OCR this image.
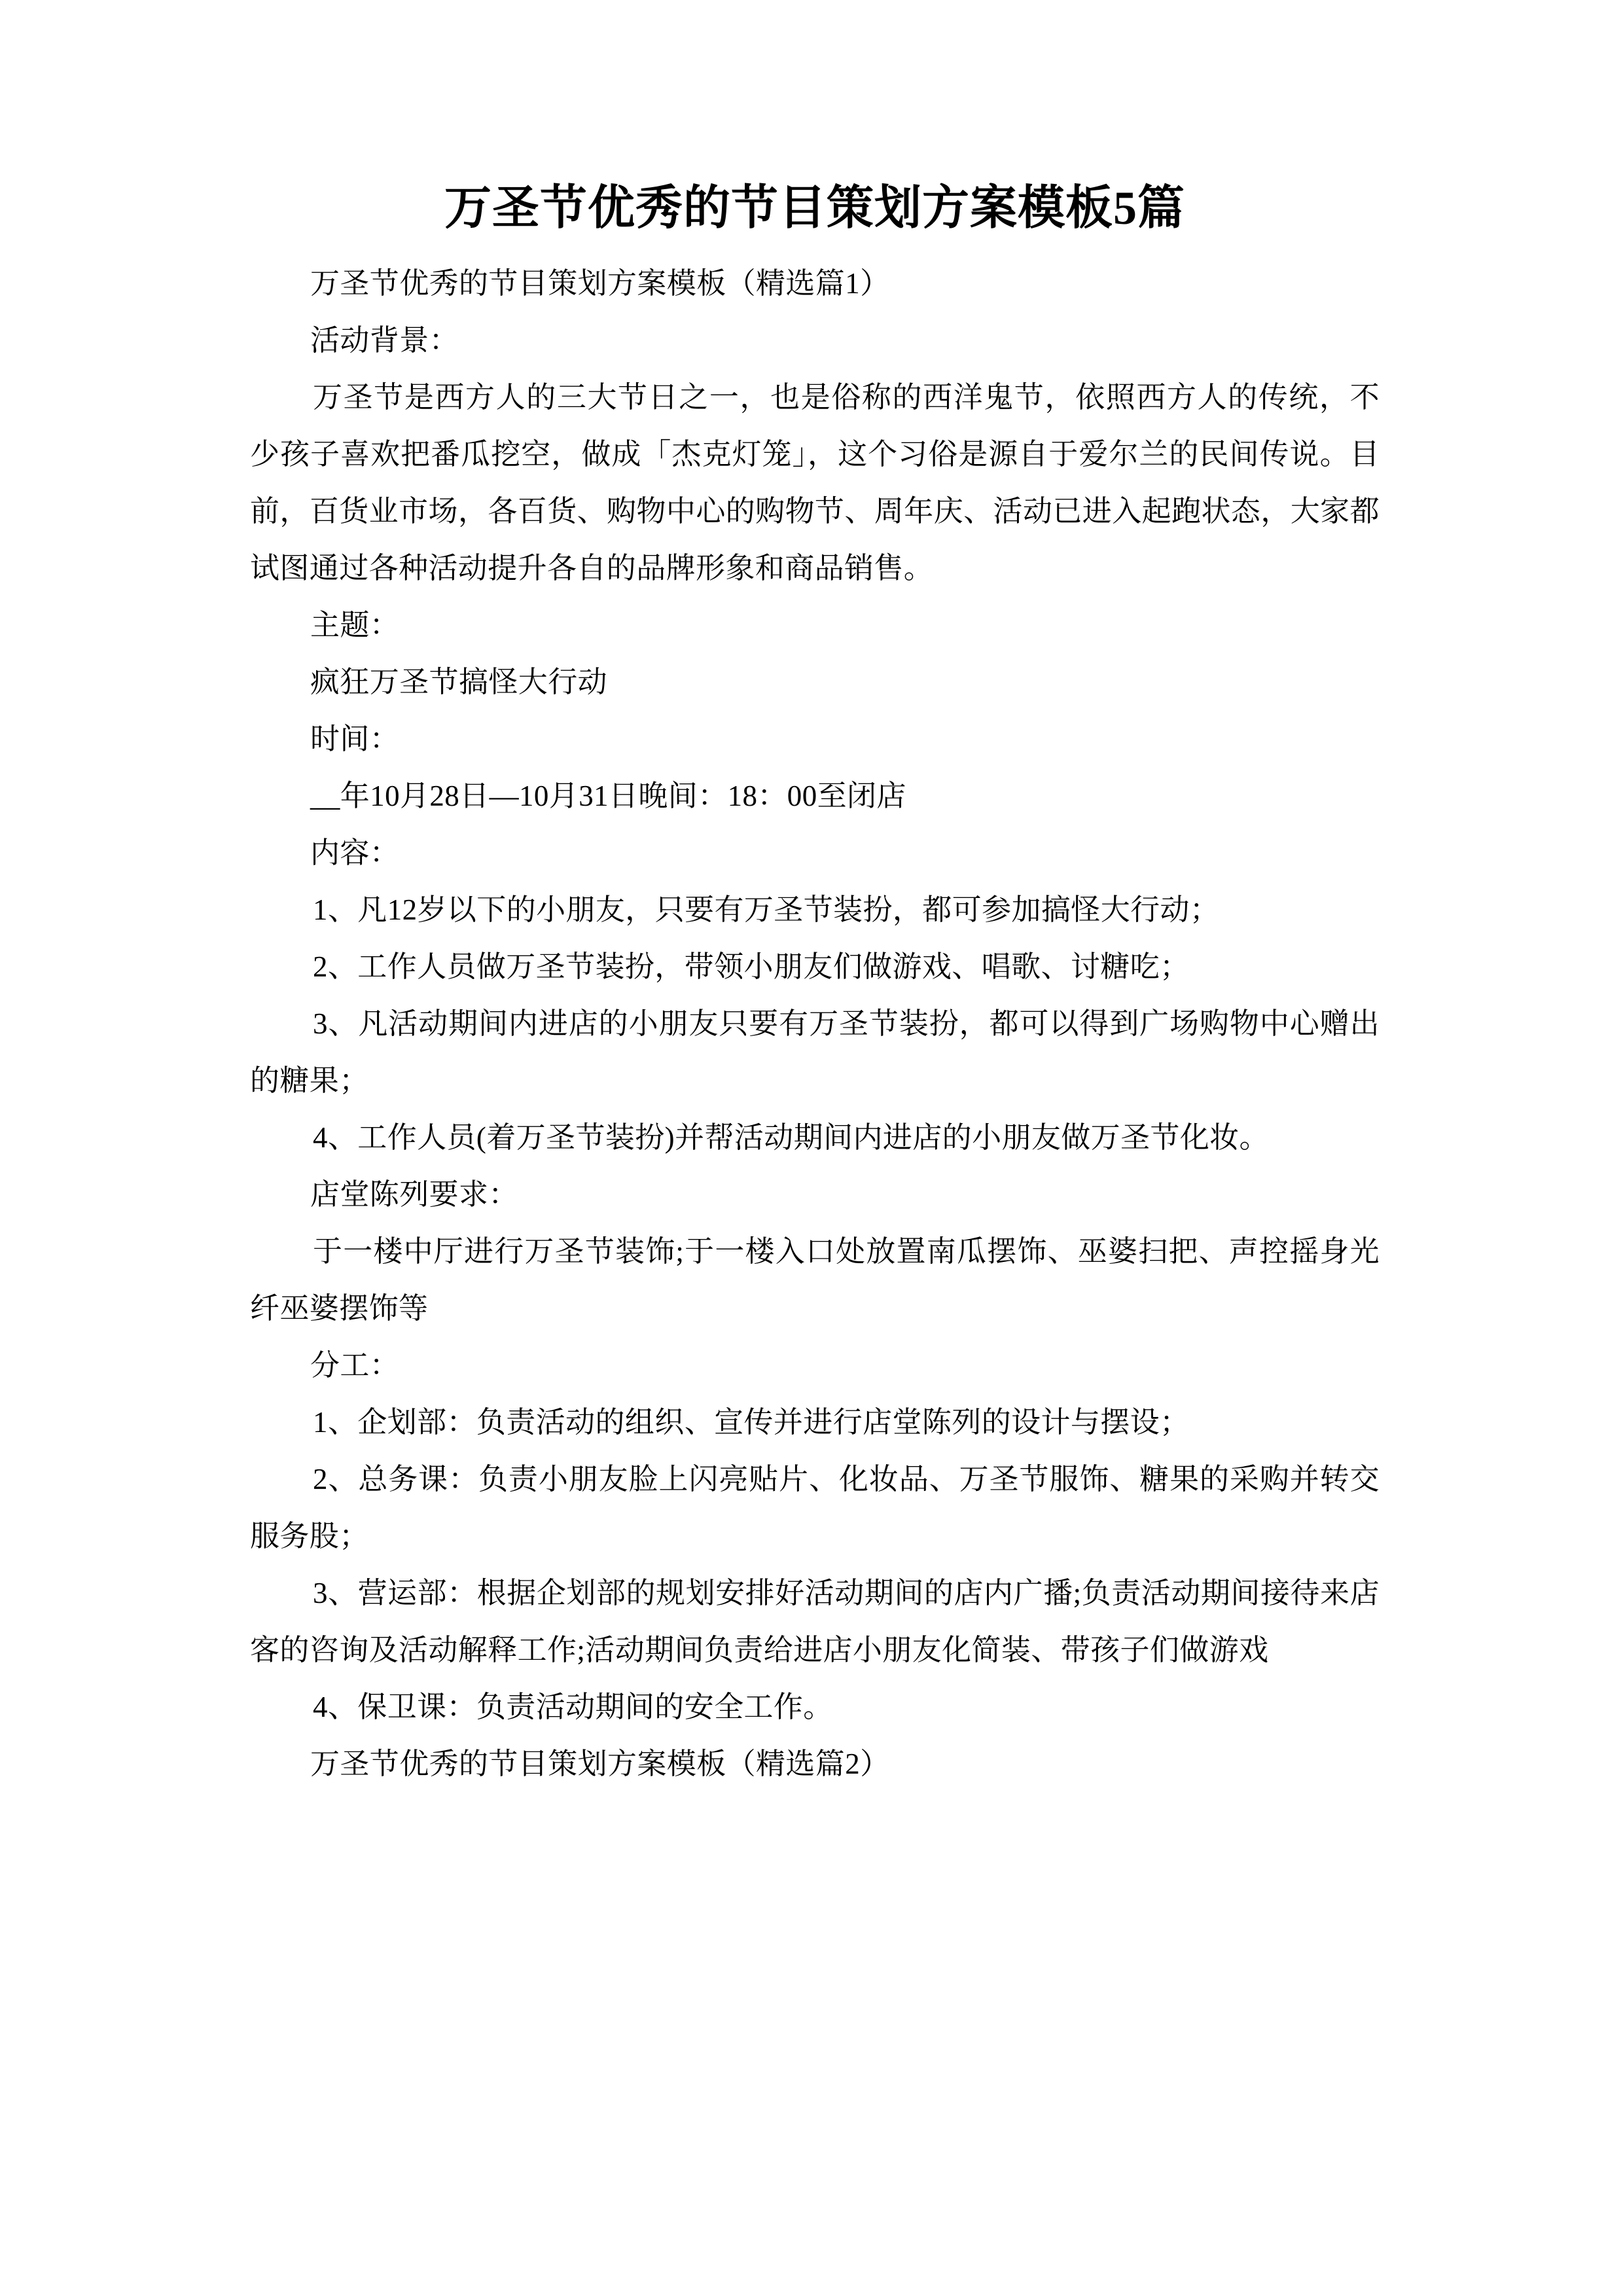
万圣节优秀的节目策划方案模板5篇

万圣节优秀的节目策划方案模板（精选篇1）

活动背景：

万圣节是西方人的三大节日之一，也是俗称的西洋鬼节，依照西方人的传统，不少孩子喜欢把番瓜挖空，做成「杰克灯笼」，这个习俗是源自于爱尔兰的民间传说。目前，百货业市场，各百货、购物中心的购物节、周年庆、活动已进入起跑状态，大家都试图通过各种活动提升各自的品牌形象和商品销售。

主题：

疯狂万圣节搞怪大行动

时间：

__年10月28日—10月31日晚间：18：00至闭店

内容：

1、凡12岁以下的小朋友，只要有万圣节装扮，都可参加搞怪大行动；

2、工作人员做万圣节装扮，带领小朋友们做游戏、唱歌、讨糖吃；

3、凡活动期间内进店的小朋友只要有万圣节装扮，都可以得到广场购物中心赠出的糖果；

4、工作人员(着万圣节装扮)并帮活动期间内进店的小朋友做万圣节化妆。

店堂陈列要求：

于一楼中厅进行万圣节装饰;于一楼入口处放置南瓜摆饰、巫婆扫把、声控摇身光纤巫婆摆饰等

分工：

1、企划部：负责活动的组织、宣传并进行店堂陈列的设计与摆设；

2、总务课：负责小朋友脸上闪亮贴片、化妆品、万圣节服饰、糖果的采购并转交服务股；

3、营运部：根据企划部的规划安排好活动期间的店内广播;负责活动期间接待来店客的咨询及活动解释工作;活动期间负责给进店小朋友化简装、带孩子们做游戏

4、保卫课：负责活动期间的安全工作。

万圣节优秀的节目策划方案模板（精选篇2）
